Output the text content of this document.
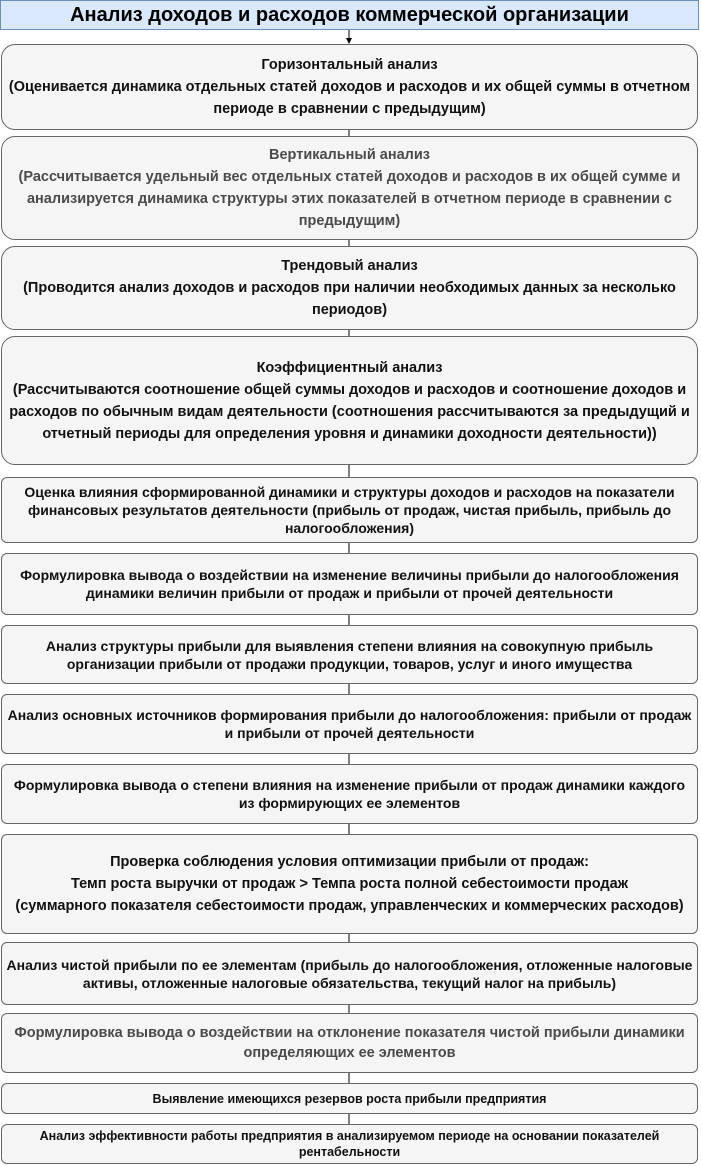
Анализ доходов и расходов коммерческой организации
Горизонтальный анализ
(Оценивается динамика отдельных статей доходов и расходов и их общей суммы в отчетном периоде в сравнении с предыдущим)
Вертикальный анализ
(Рассчитывается удельный вес отдельных статей доходов и расходов в их общей сумме и анализируется динамика структуры этих показателей в отчетном периоде в сравнении с предыдущим)
Трендовый анализ
(Проводится анализ доходов и расходов при наличии необходимых данных за несколько периодов)
Коэффициентный анализ
(Рассчитываются соотношение общей суммы доходов и расходов и соотношение доходов и расходов по обычным видам деятельности (соотношения рассчитываются за предыдущий и отчетный периоды для определения уровня и динамики доходности деятельности))
Оценка влияния сформированной динамики и структуры доходов и расходов на показатели финансовых результатов деятельности (прибыль от продаж, чистая прибыль, прибыль до налогообложения)
Формулировка вывода о воздействии на изменение величины прибыли до налогообложения динамики величин прибыли от продаж и прибыли от прочей деятельности
Анализ структуры прибыли для выявления степени влияния на совокупную прибыль организации прибыли от продажи продукции, товаров, услуг и иного имущества
Анализ основных источников формирования прибыли до налогообложения: прибыли от продаж и прибыли от прочей деятельности
Формулировка вывода о степени влияния на изменение прибыли от продаж динамики каждого из формирующих ее элементов
Проверка соблюдения условия оптимизации прибыли от продаж:
Темп роста выручки от продаж > Темпа роста полной себестоимости продаж
(суммарного показателя себестоимости продаж, управленческих и коммерческих расходов)
Анализ чистой прибыли по ее элементам (прибыль до налогообложения, отложенные налоговые активы, отложенные налоговые обязательства, текущий налог на прибыль)
Формулировка вывода о воздействии на отклонение показателя чистой прибыли динамики определяющих ее элементов
Выявление имеющихся резервов роста прибыли предприятия
Анализ эффективности работы предприятия в анализируемом периоде на основании показателей рентабельности
